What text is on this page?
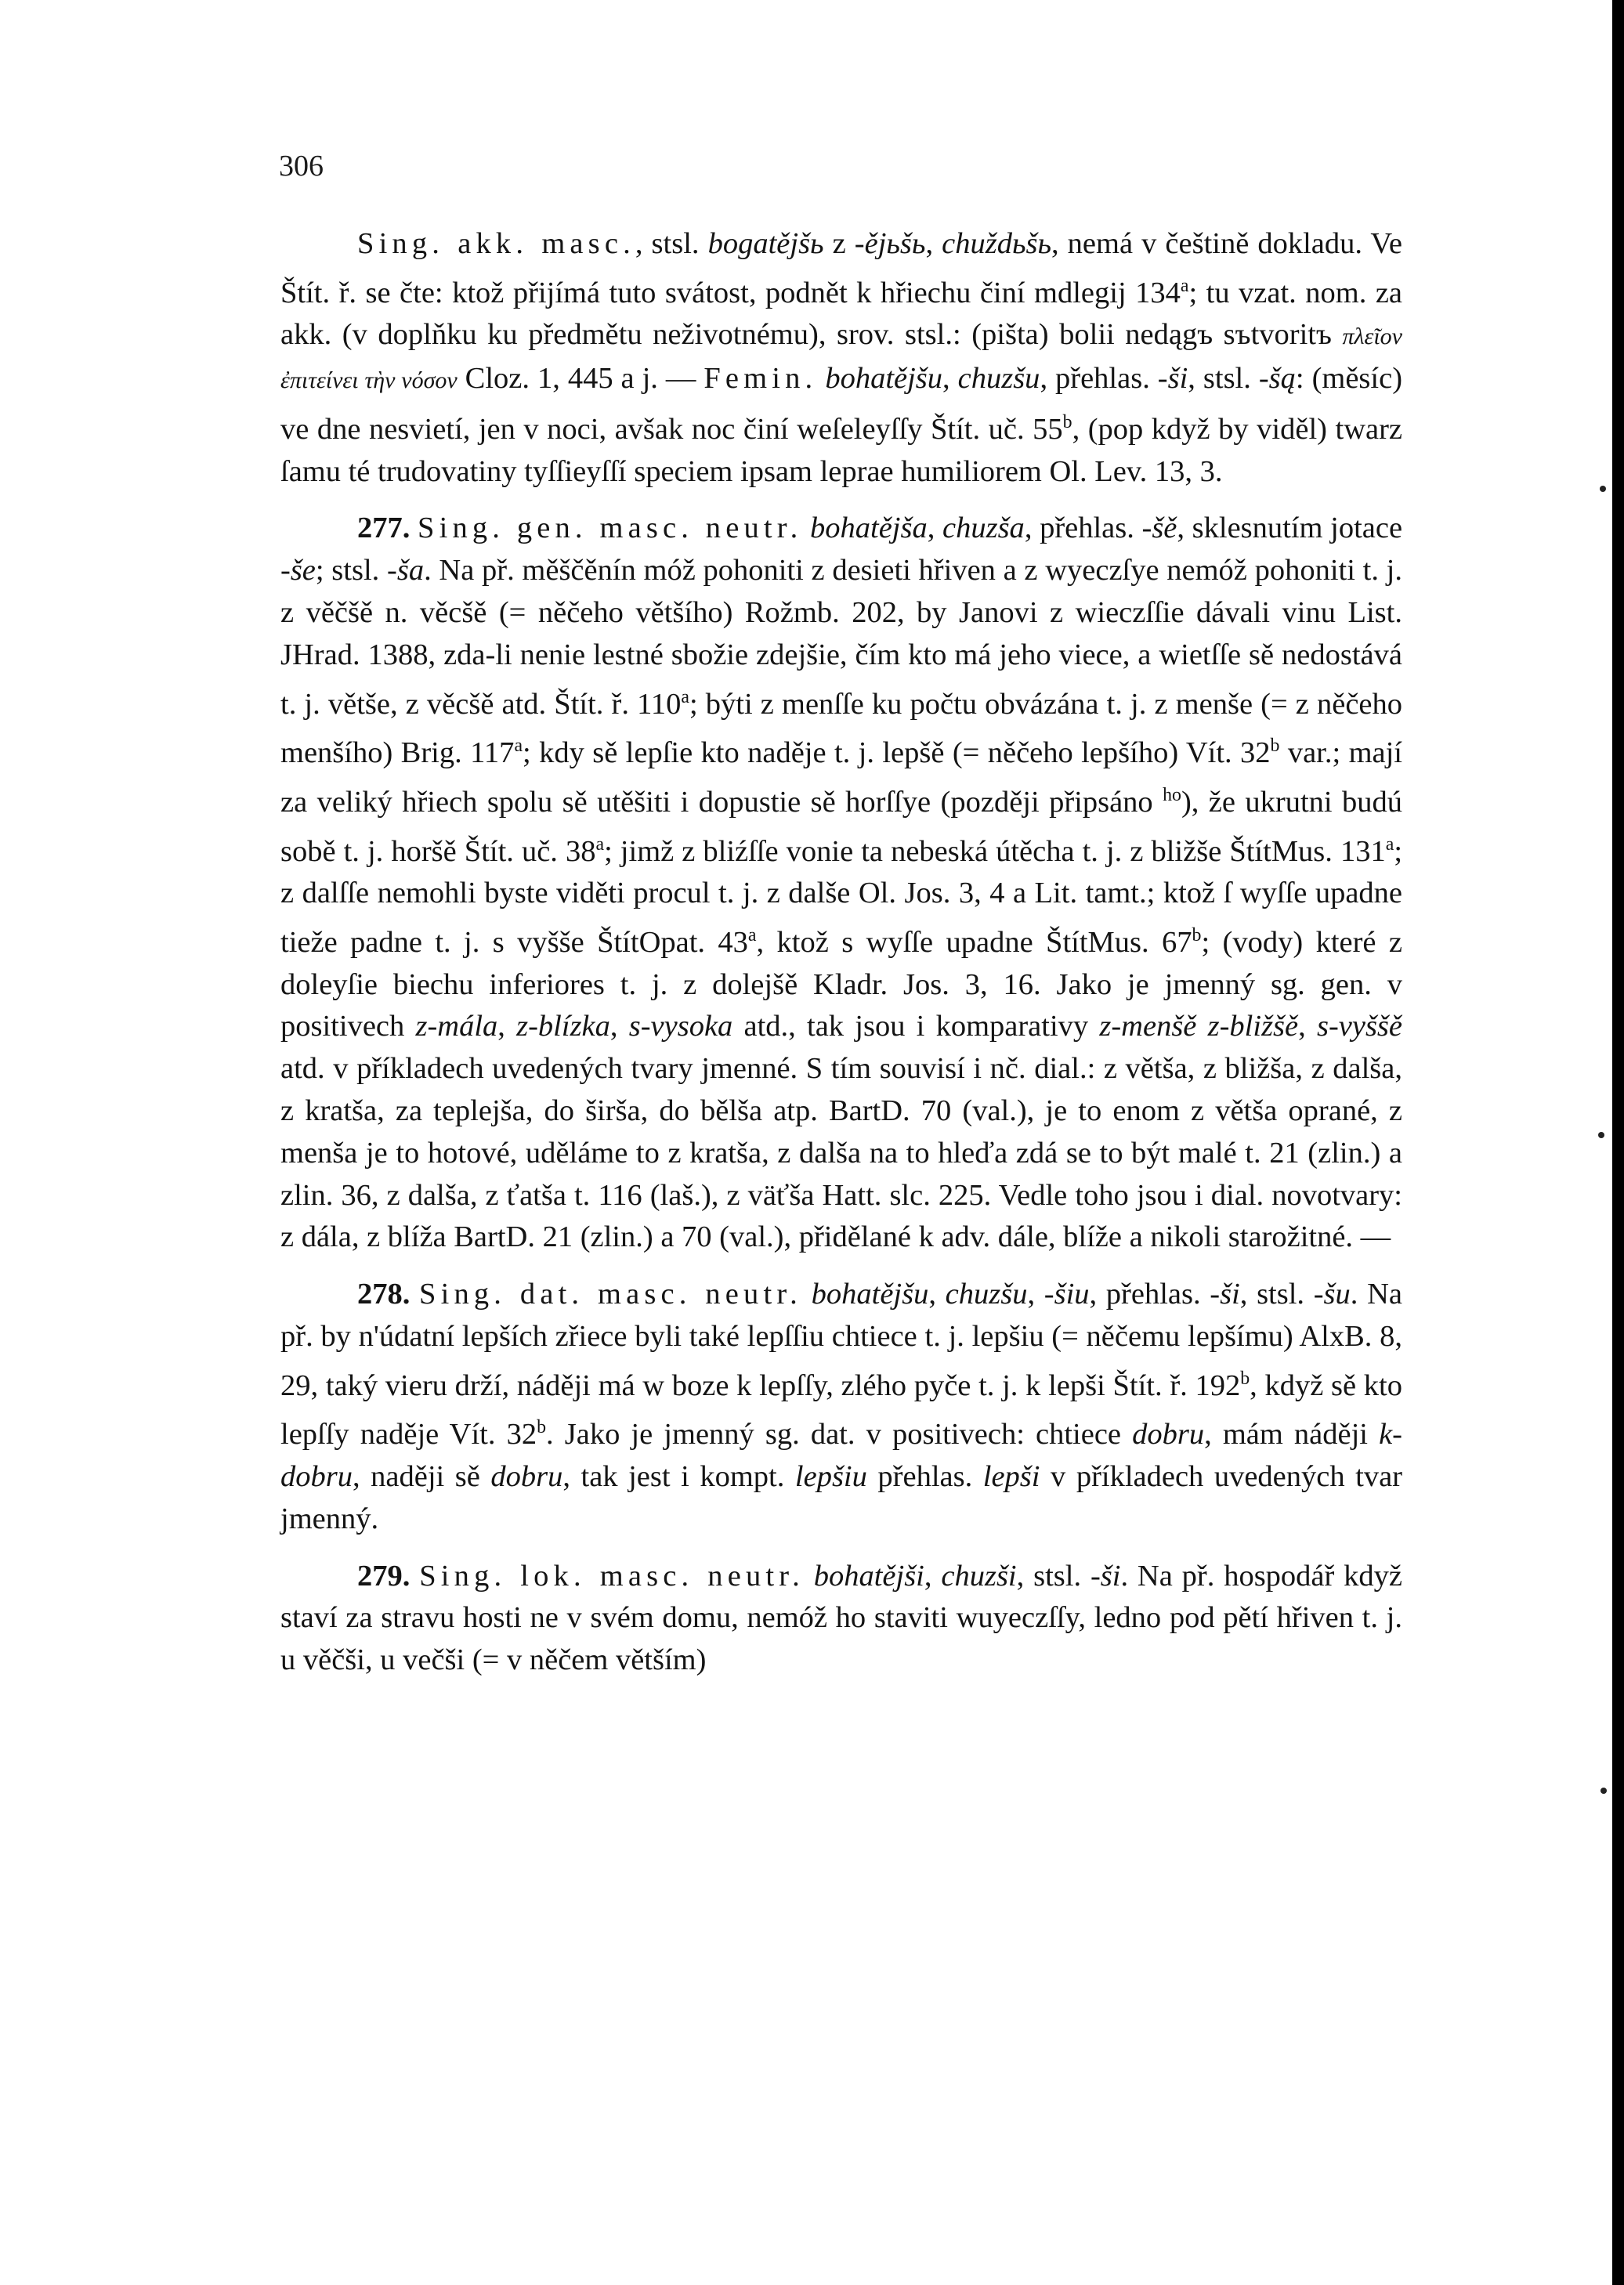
306

Sing. akk. masc., stsl. bogatějšь z -ějьšь, chuždьšь, nemá v češtině dokladu. Ve Štít. ř. se čte: ktož přijímá tuto svátost, podnět k hřiechu činí mdlegij 134$^a$; tu vzat. nom. za akk. (v doplňku ku předmětu neživotnému), srov. stsl.: (pišta) bolii nedągъ sъtvoritъ πλεῖον ἐπιτείνει τὴν νόσον Cloz. 1, 445 a j. — Femin. bohatějšu, chuzšu, přehlas. -ši, stsl. -šą: (měsíc) ve dne nesvietí, jen v noci, avšak noc činí weſeleyſſy Štít. uč. 55$^b$, (pop když by viděl) twarz ſamu té trudovatiny tyſſieyſſí speciem ipsam leprae humiliorem Ol. Lev. 13, 3.

277. Sing. gen. masc. neutr. bohatějša, chuzša, přehlas. -šě, sklesnutím jotace -še; stsl. -ša. Na př. měščěnín móž pohoniti z desieti hřiven a z wyeczſye nemóž pohoniti t. j. z věčšě n. věcšě (= něčeho většího) Rožmb. 202, by Janovi z wieczſſie dávali vinu List. JHrad. 1388, zda-li nenie lestné sbožie zdejšie, čím kto má jeho viece, a wietſſe sě nedostává t. j. větše, z věcšě atd. Štít. ř. 110$^a$; býti z menſſe ku počtu obvázána t. j. z menše (= z něčeho menšího) Brig. 117$^a$; kdy sě lepſie kto naděje t. j. lepšě (= něčeho lepšího) Vít. 32$^b$ var.; mají za veliký hřiech spolu sě utěšiti i dopustie sě horſſye (později připsáno $^{ho}$), že ukrutni budú sobě t. j. horšě Štít. uč. 38$^a$; jimž z bliźſſe vonie ta nebeská útěcha t. j. z bližše ŠtítMus. 131$^a$; z dalſſe nemohli byste viděti procul t. j. z dalše Ol. Jos. 3, 4 a Lit. tamt.; ktož ſ wyſſe upadne tieže padne t. j. s vyšše ŠtítOpat. 43$^a$, ktož s wyſſe upadne ŠtítMus. 67$^b$; (vody) které z doleyſie biechu inferiores t. j. z dolejšě Kladr. Jos. 3, 16. Jako je jmenný sg. gen. v positivech z-mála, z-blízka, s-vysoka atd., tak jsou i komparativy z-menšě z-bližšě, s-vyššě atd. v příkladech uvedených tvary jmenné. S tím souvisí i nč. dial.: z větša, z bližša, z dalša, z kratša, za teplejša, do širša, do bělša atp. BartD. 70 (val.), je to enom z větša oprané, z menša je to hotové, uděláme to z kratša, z dalša na to hleďa zdá se to být malé t. 21 (zlin.) a zlin. 36, z dalša, z ťatša t. 116 (laš.), z väťša Hatt. slc. 225. Vedle toho jsou i dial. novotvary: z dála, z blíža BartD. 21 (zlin.) a 70 (val.), přidělané k adv. dále, blíže a nikoli starožitné. —

278. Sing. dat. masc. neutr. bohatějšu, chuzšu, -šiu, přehlas. -ši, stsl. -šu. Na př. by n'údatní lepších zřiece byli také lepſſiu chtiece t. j. lepšiu (= něčemu lepšímu) AlxB. 8, 29, taký vieru drží, náději má w boze k lepſſy, zlého pyče t. j. k lepši Štít. ř. 192$^b$, když sě kto lepſſy naděje Vít. 32$^b$. Jako je jmenný sg. dat. v positivech: chtiece dobru, mám náději k-dobru, naději sě dobru, tak jest i kompt. lepšiu přehlas. lepši v příkladech uvedených tvar jmenný.

279. Sing. lok. masc. neutr. bohatějši, chuzši, stsl. -ši. Na př. hospodář když staví za stravu hosti ne v svém domu, nemóž ho staviti wuyeczſſy, ledno pod pětí hřiven t. j. u věčši, u večši (= v něčem větším)
